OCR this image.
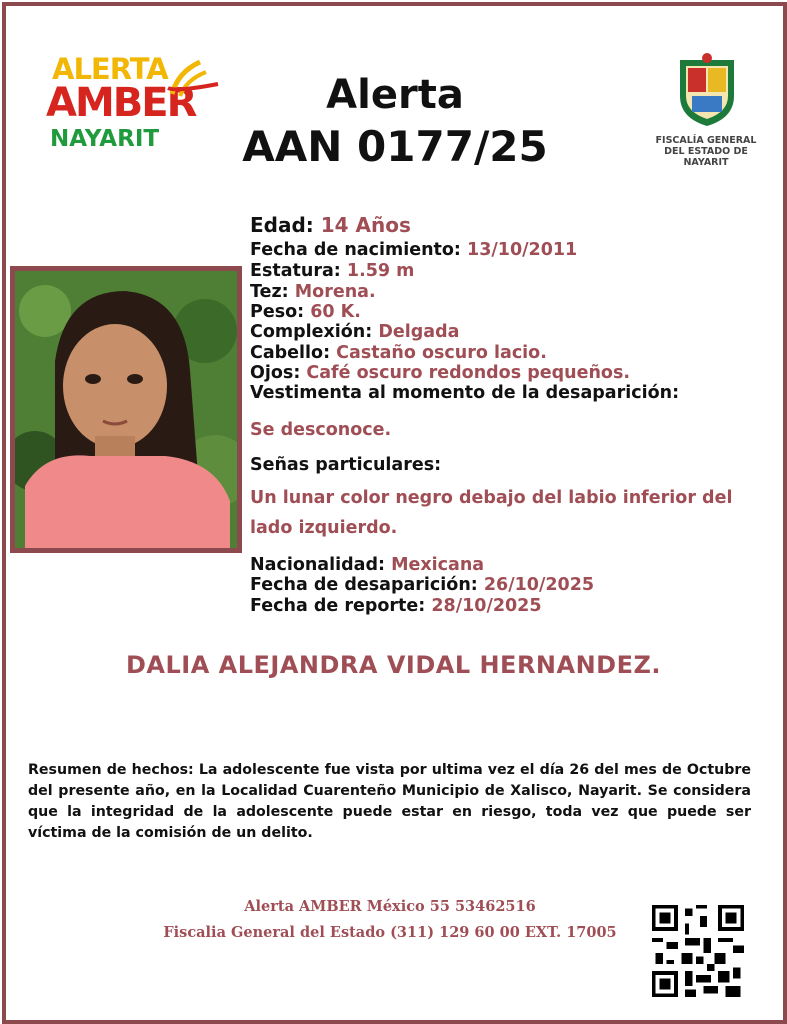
ALERTA
AMBER
NAYARIT
Alerta
AAN 0177/25	FISCALÍA GENERAL
DEL ESTADO DE
NAYARIT
Edad: 14 Años
Fecha de nacimiento: 13/10/2011
Estatura: 1.59 m
Tez: Morena.
Peso: 60 K.
Complexión: Delgada
Cabello: Castaño oscuro lacio.
Ojos: Café oscuro redondos pequeños.
Vestimenta al momento de la desaparición:
Se desconoce.
Señas particulares:
Un lunar color negro debajo del labio inferior del
lado izquierdo.
Nacionalidad: Mexicana
Fecha de desaparición: 26/10/2025
Fecha de reporte: 28/10/2025
DALIA ALEJANDRA VIDAL HERNANDEZ.
Resumen de hechos: La adolescente fue vista por ultima vez el día 26 del mes de Octubre del presente año, en la Localidad Cuarenteño Municipio de Xalisco, Nayarit. Se considera que la integridad de la adolescente puede estar en riesgo, toda vez que puede ser víctima de la comisión de un delito.
Alerta AMBER México 55 53462516
Fiscalia General del Estado (311) 129 60 00 EXT. 17005
